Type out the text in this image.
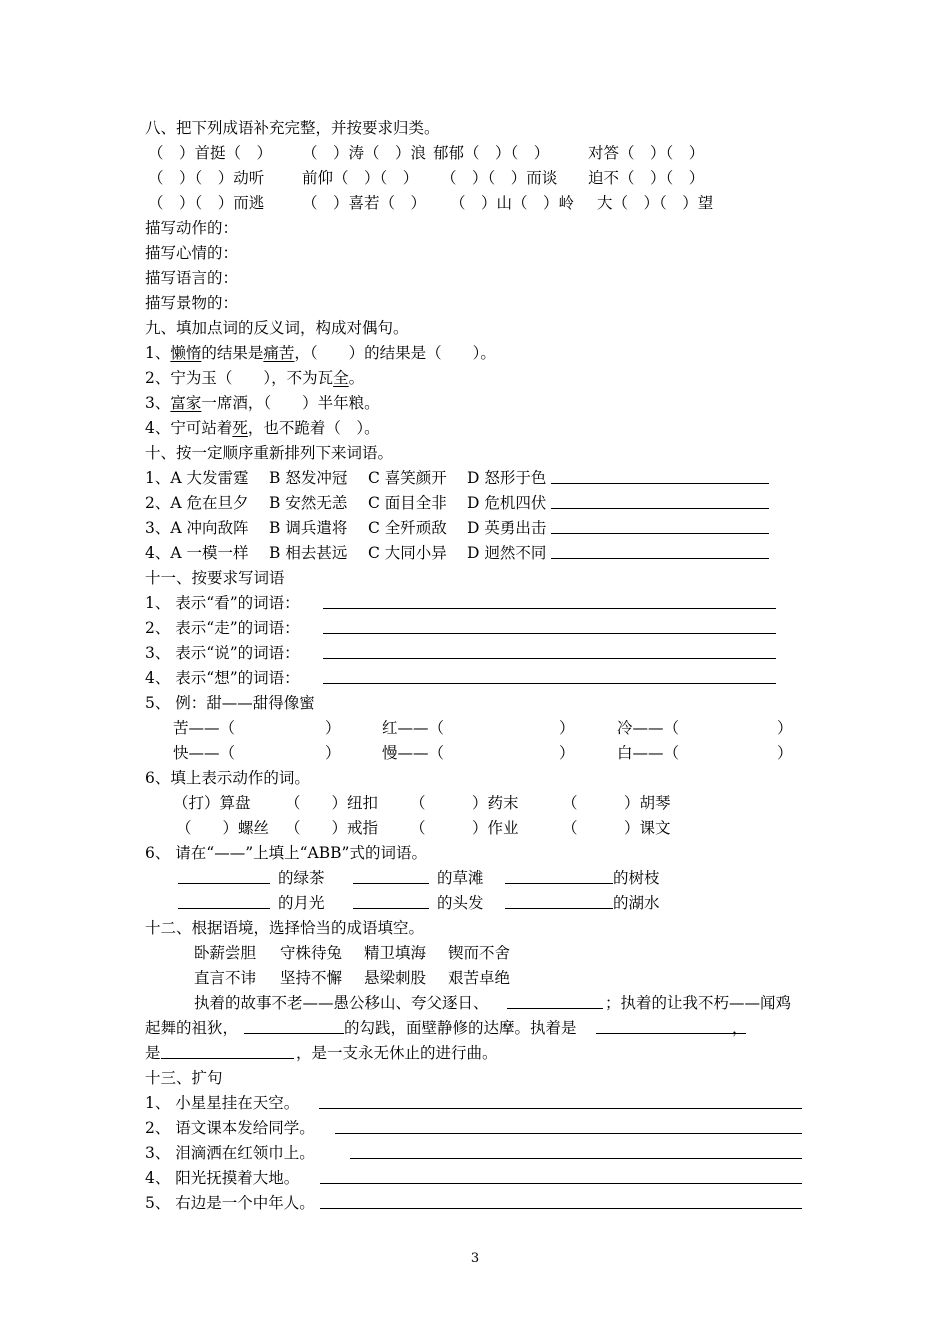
八、把下列成语补充完整，并按要求归类。
（　）首挺（　） （　）涛（　）浪 郁郁（　）（　） 对答（　）（　）
（　）（　）动听 前仰（　）（　） （　）（　）而谈 迫不（　）（　）
（　）（　）而逃 （　）喜若（　） （　）山（　）岭 大（　）（　）望
描写动作的：
描写心情的：
描写语言的：
描写景物的：
九、填加点词的反义词，构成对偶句。
1、懒惰的结果是痛苦，（　　）的结果是（　　）。
2、宁为玉（　　），不为瓦全。
3、富家一席酒，（　　）半年粮。
4、宁可站着死，也不跪着（　）。
十、按一定顺序重新排列下来词语。
1、A 大发雷霆 B 怒发冲冠 C 喜笑颜开 D 怒形于色
2、A 危在旦夕 B 安然无恙 C 面目全非 D 危机四伏
3、A 冲向敌阵 B 调兵遣将 C 全歼顽敌 D 英勇出击
4、A 一模一样 B 相去甚远 C 大同小异 D 迥然不同
十一、按要求写词语
1、 表示“看”的词语：
2、 表示“走”的词语：
3、 表示“说”的词语：
4、 表示“想”的词语：
5、 例：甜——甜得像蜜
苦——（	）	红——（	）	冷——（	）
快——（	）	慢——（	）	白——（	）
6、填上表示动作的词。
（打）算盘 （　　）纽扣 （　　　）药末	（　　　）胡琴
（　　）螺丝 （　　）戒指 （　　　）作业	（　　　）课文
6、 请在“——”上填上“ABB”式的词语。
的绿茶	的草滩	的树枝
的月光	的头发	的湖水
十二、根据语境，选择恰当的成语填空。
卧薪尝胆 守株待兔 精卫填海 锲而不舍
直言不讳 坚持不懈 悬梁刺股 艰苦卓绝
执着的故事不老——愚公移山、夸父逐日、	；执着的让我不朽——闻鸡
起舞的祖狄，	的勾践，面壁静修的达摩。执着是	，
是	，是一支永无休止的进行曲。
十三、扩句
1、 小星星挂在天空。
2、 语文课本发给同学。
3、 泪滴洒在红领巾上。
4、 阳光抚摸着大地。
5、 右边是一个中年人。
3
